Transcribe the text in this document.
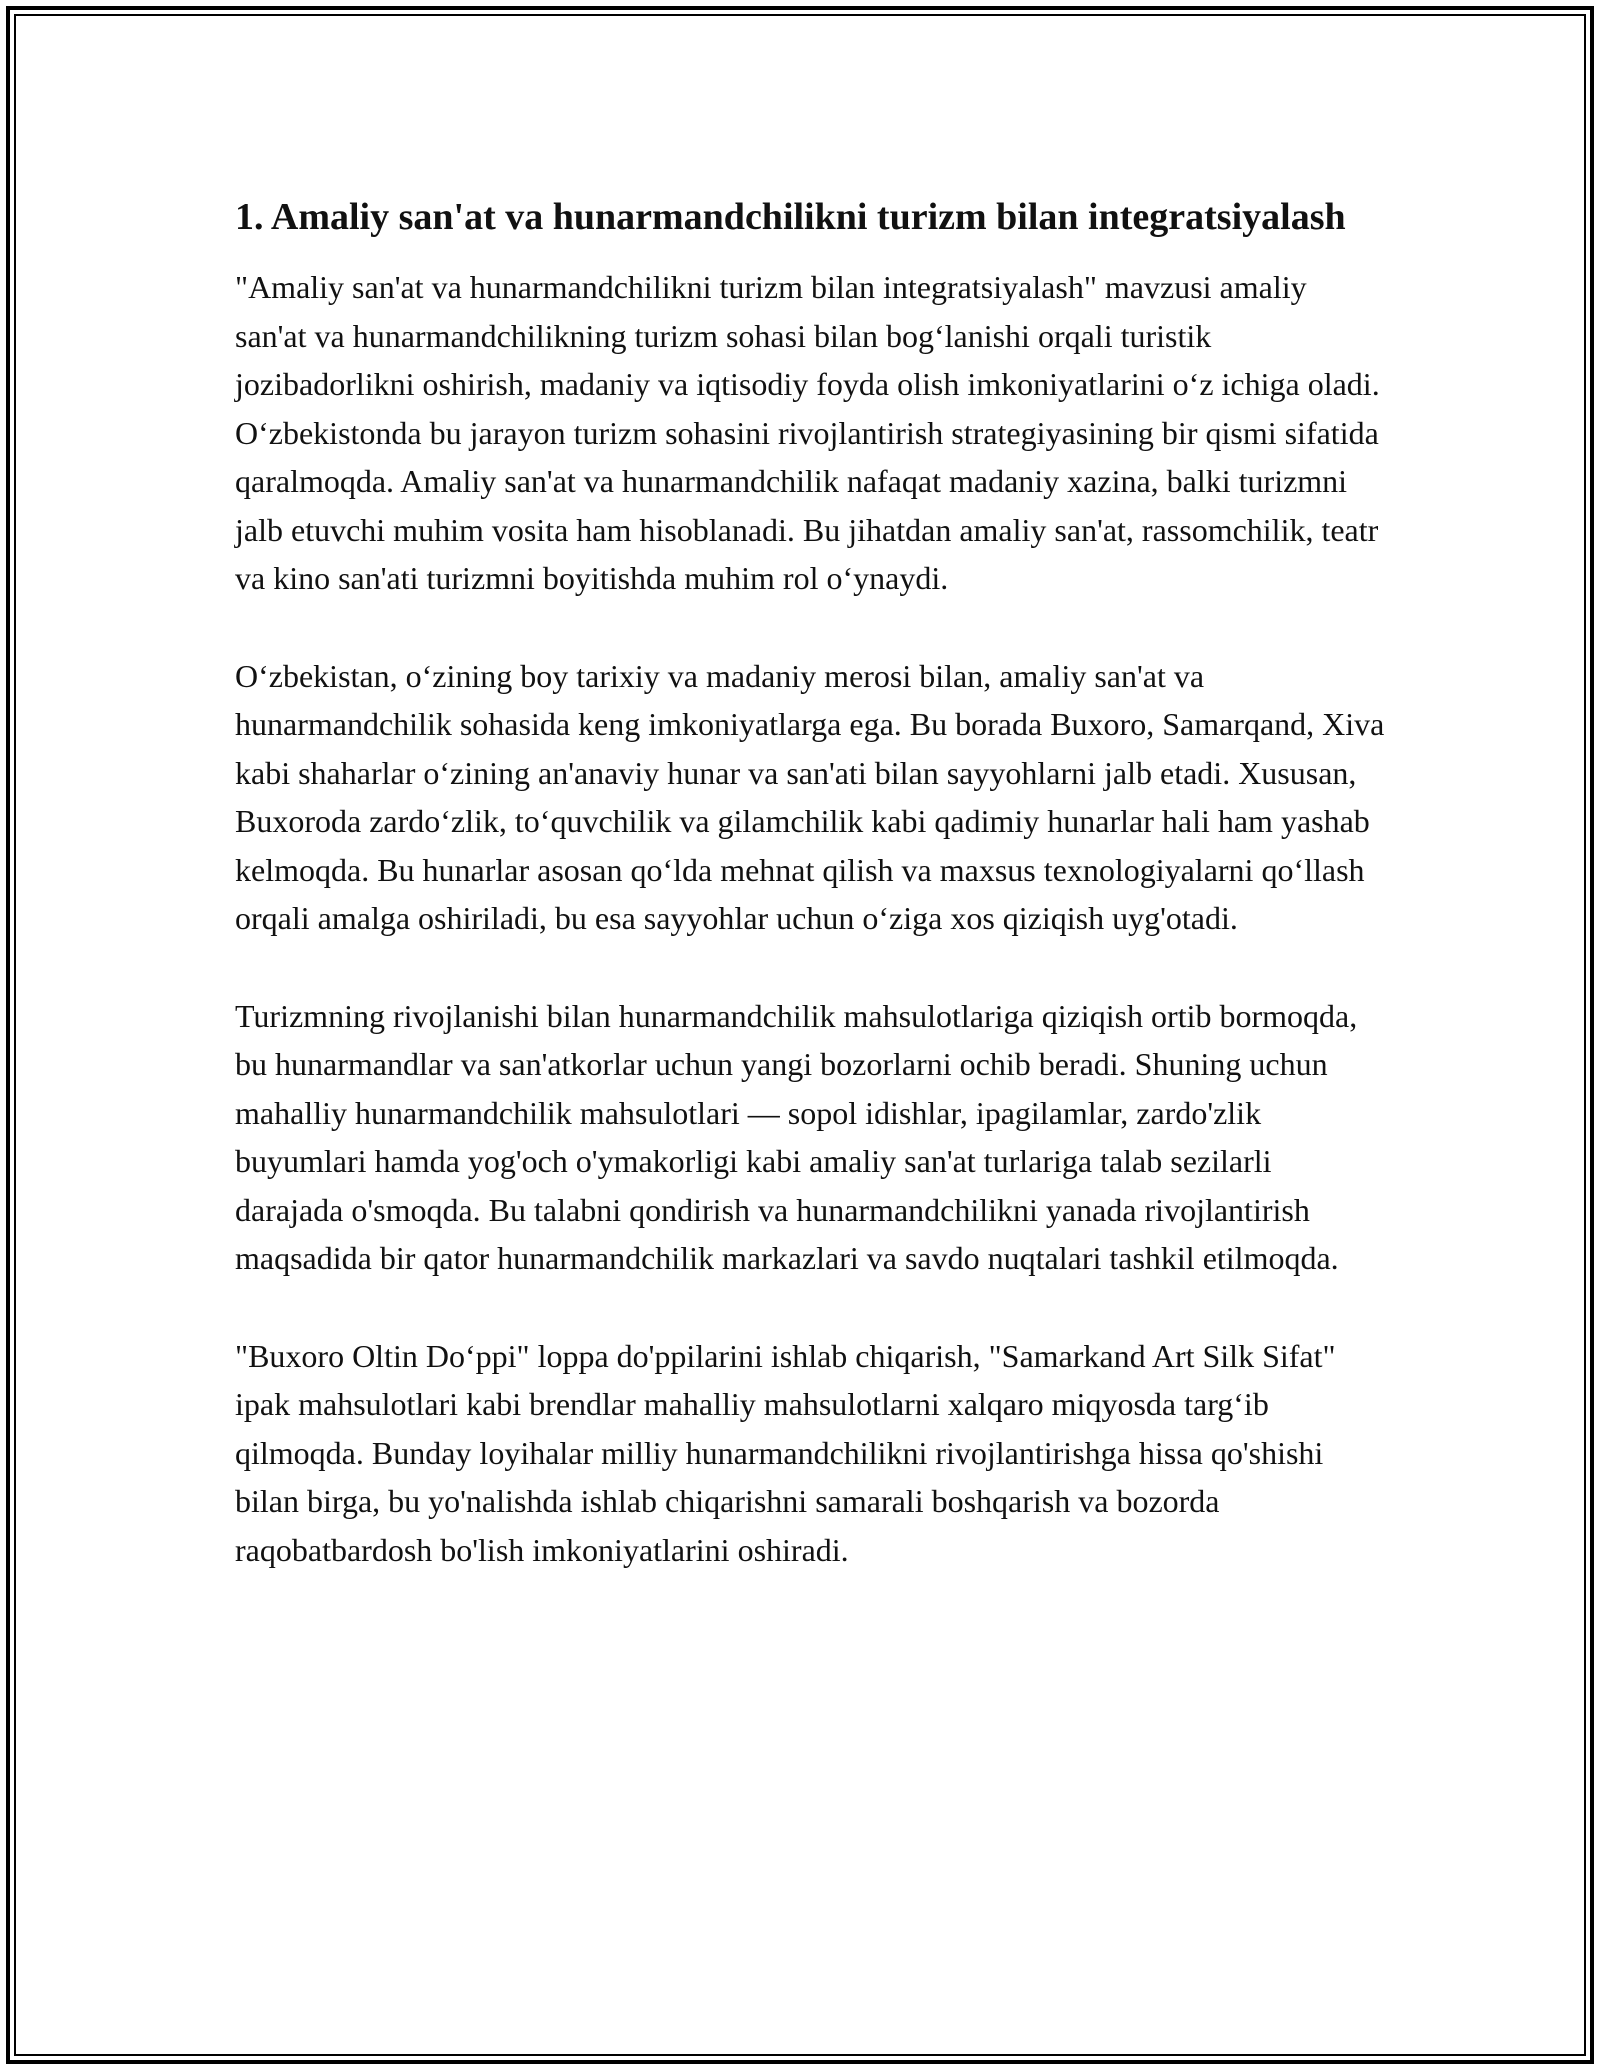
1. Amaliy san'at va hunarmandchilikni turizm bilan integratsiyalash

"Amaliy san'at va hunarmandchilikni turizm bilan integratsiyalash" mavzusi amaliy san'at va hunarmandchilikning turizm sohasi bilan bogʻlanishi orqali turistik jozibadorlikni oshirish, madaniy va iqtisodiy foyda olish imkoniyatlarini oʻz ichiga oladi. Oʻzbekistonda bu jarayon turizm sohasini rivojlantirish strategiyasining bir qismi sifatida qaralmoqda. Amaliy san'at va hunarmandchilik nafaqat madaniy xazina, balki turizmni jalb etuvchi muhim vosita ham hisoblanadi. Bu jihatdan amaliy san'at, rassomchilik, teatr va kino san'ati turizmni boyitishda muhim rol oʻynaydi.

Oʻzbekistan, oʻzining boy tarixiy va madaniy merosi bilan, amaliy san'at va hunarmandchilik sohasida keng imkoniyatlarga ega. Bu borada Buxoro, Samarqand, Xiva kabi shaharlar oʻzining an'anaviy hunar va san'ati bilan sayyohlarni jalb etadi. Xususan, Buxoroda zardoʻzlik, toʻquvchilik va gilamchilik kabi qadimiy hunarlar hali ham yashab kelmoqda. Bu hunarlar asosan qoʻlda mehnat qilish va maxsus texnologiyalarni qoʻllash orqali amalga oshiriladi, bu esa sayyohlar uchun oʻziga xos qiziqish uyg'otadi.

Turizmning rivojlanishi bilan hunarmandchilik mahsulotlariga qiziqish ortib bormoqda, bu hunarmandlar va san'atkorlar uchun yangi bozorlarni ochib beradi. Shuning uchun mahalliy hunarmandchilik mahsulotlari — sopol idishlar, ipagilamlar, zardo'zlik buyumlari hamda yog'och o'ymakorligi kabi amaliy san'at turlariga talab sezilarli darajada o'smoqda. Bu talabni qondirish va hunarmandchilikni yanada rivojlantirish maqsadida bir qator hunarmandchilik markazlari va savdo nuqtalari tashkil etilmoqda.

"Buxoro Oltin Doʻppi" loppa do'ppilarini ishlab chiqarish, "Samarkand Art Silk Sifat" ipak mahsulotlari kabi brendlar mahalliy mahsulotlarni xalqaro miqyosda targʻib qilmoqda. Bunday loyihalar milliy hunarmandchilikni rivojlantirishga hissa qo'shishi bilan birga, bu yo'nalishda ishlab chiqarishni samarali boshqarish va bozorda raqobatbardosh bo'lish imkoniyatlarini oshiradi.
